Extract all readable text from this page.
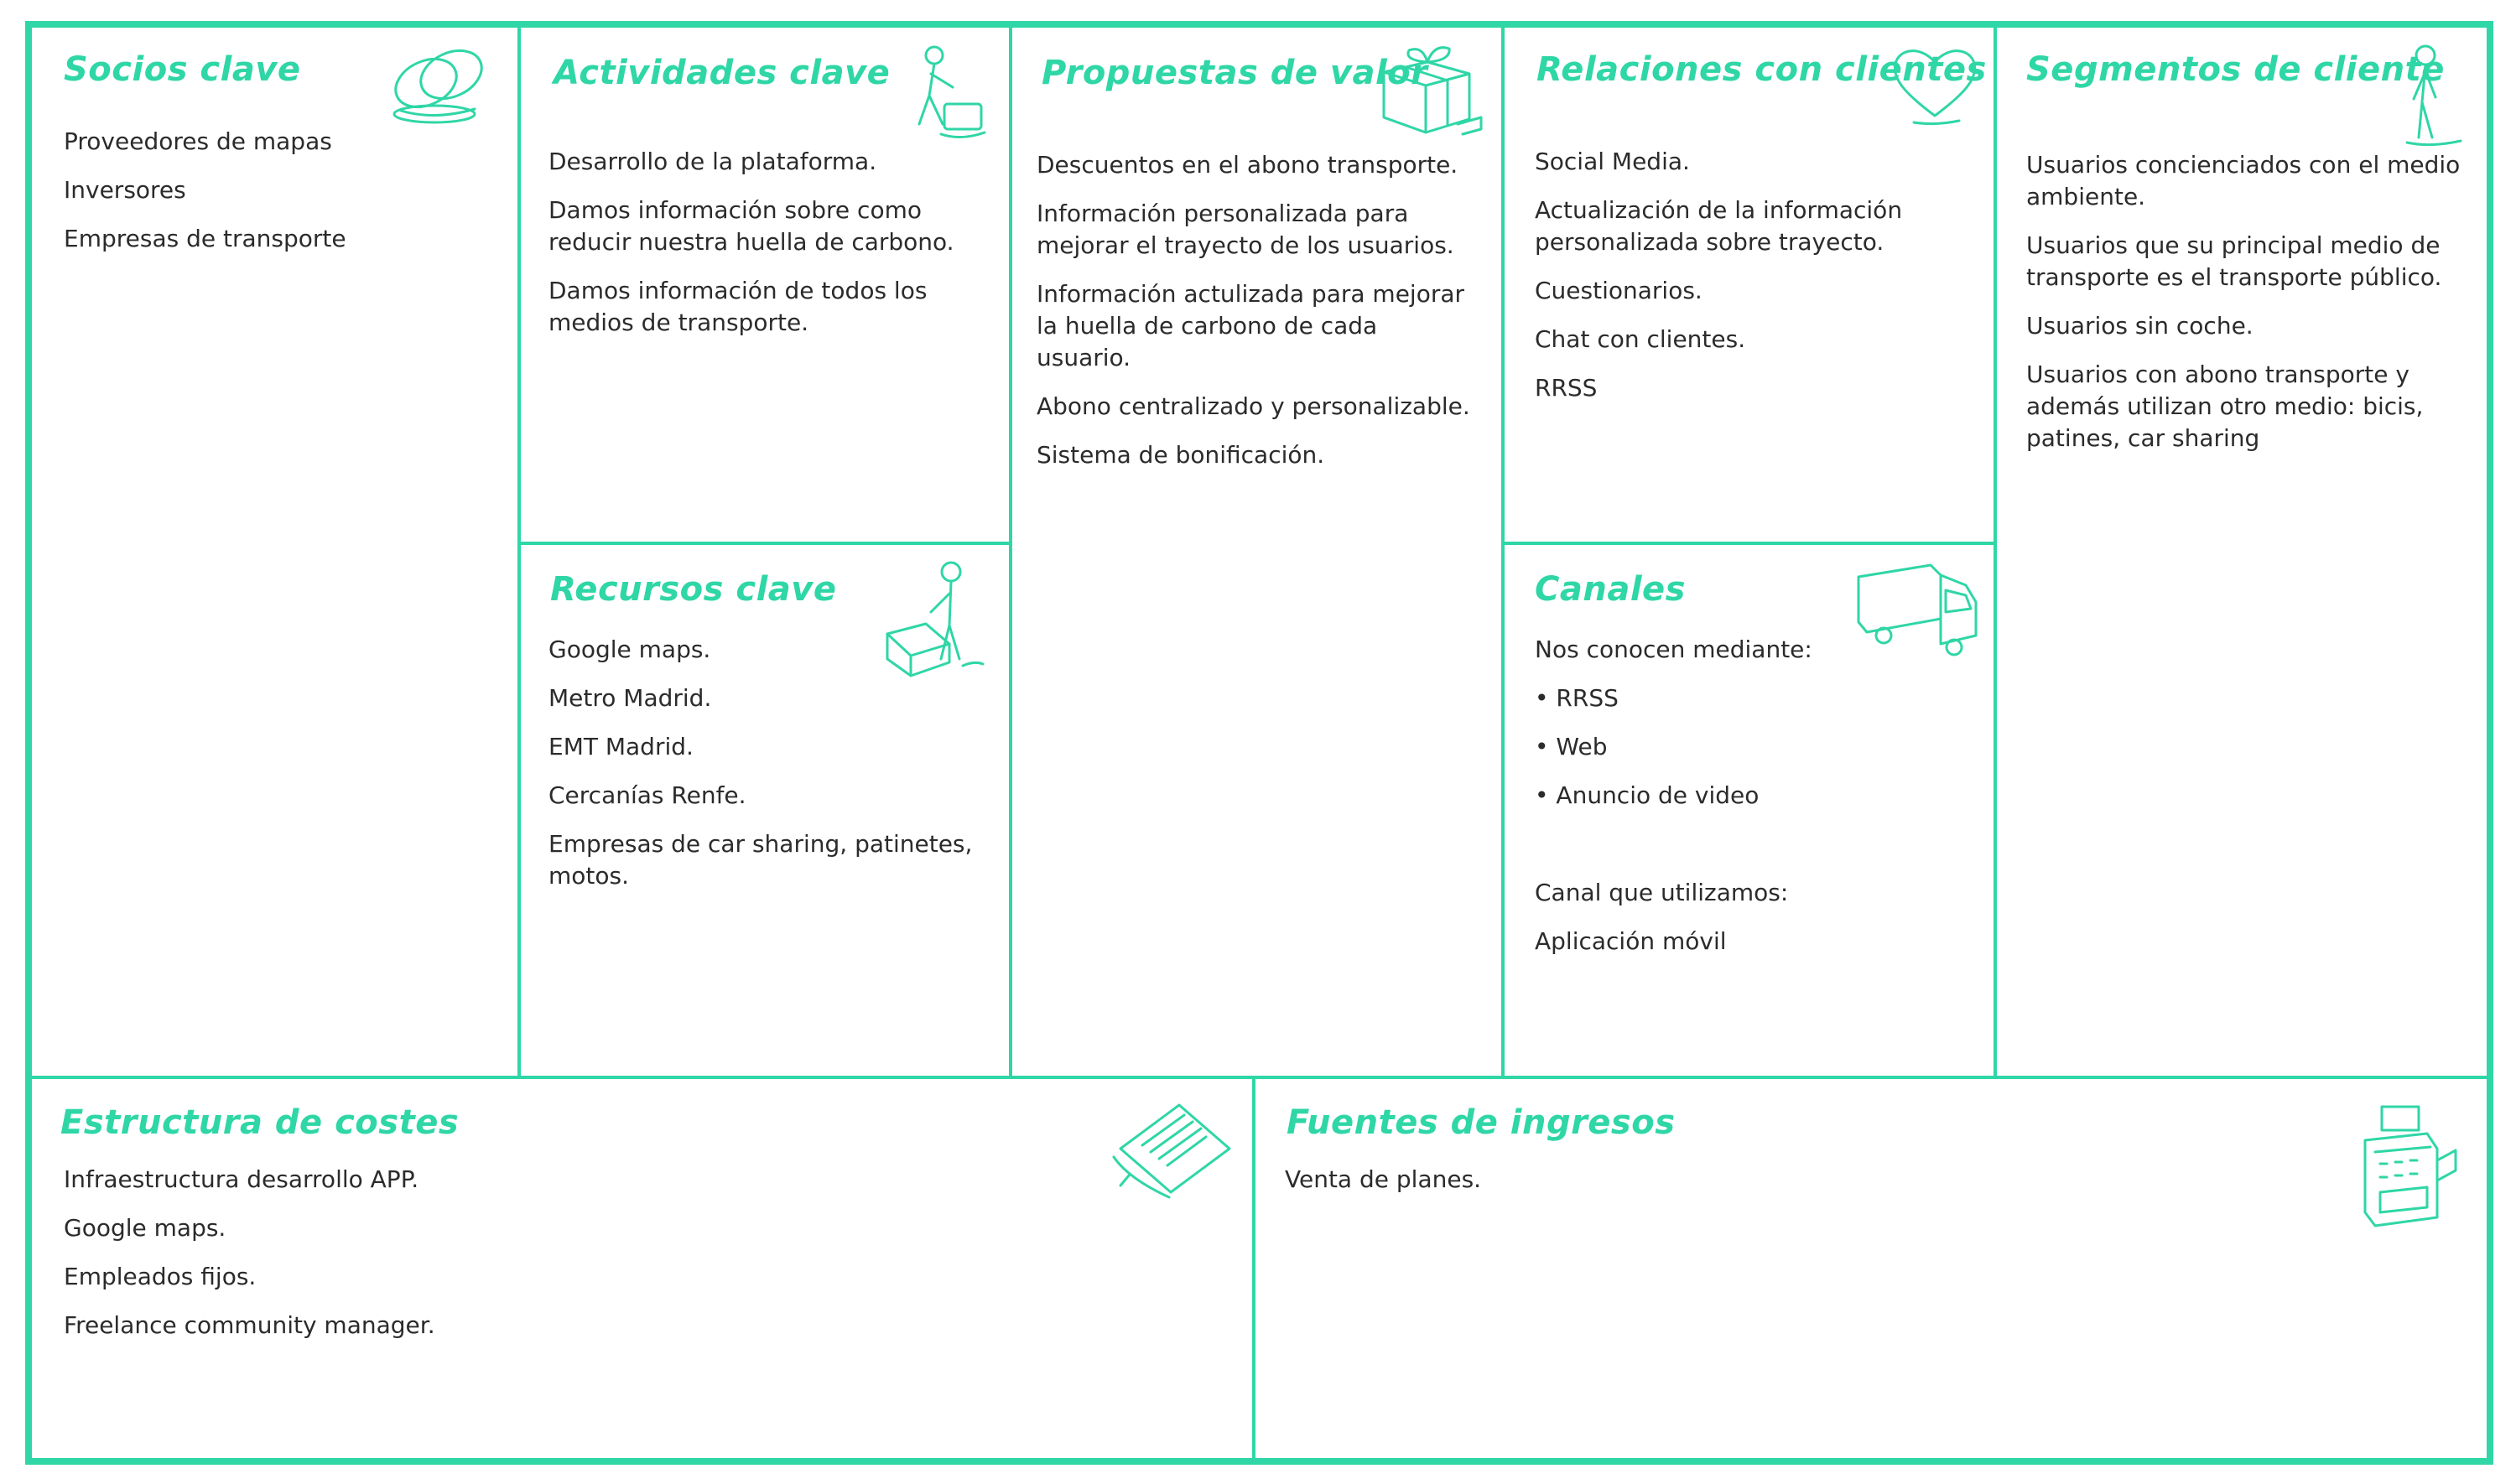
Socios clave
Proveedores de mapas
Inversores
Empresas de transporte
Actividades clave
Desarrollo de la plataforma.
Damos información sobre como reducir nuestra huella de carbono.
Damos información de todos los medios de transporte.
Recursos clave
Google maps.
Metro Madrid.
EMT Madrid.
Cercanías Renfe.
Empresas de car sharing, patinetes, motos.
Propuestas de valor
Descuentos en el abono transporte.
Información personalizada para mejorar el trayecto de los usuarios.
Información actulizada para mejorar la huella de carbono de cada usuario.
Abono centralizado y personalizable.
Sistema de bonificación.
Relaciones con clientes
Social Media.
Actualización de la información personalizada sobre trayecto.
Cuestionarios.
Chat con clientes.
RRSS
Canales
Nos conocen mediante:
• RRSS
• Web
• Anuncio de video
Canal que utilizamos:
Aplicación móvil
Segmentos de cliente
Usuarios concienciados con el medio ambiente.
Usuarios que su principal medio de transporte es el transporte público.
Usuarios sin coche.
Usuarios con abono transporte y además utilizan otro medio: bicis, patines, car sharing
Estructura de costes
Infraestructura desarrollo APP.
Google maps.
Empleados fijos.
Freelance community manager.
Fuentes de ingresos
Venta de planes.
